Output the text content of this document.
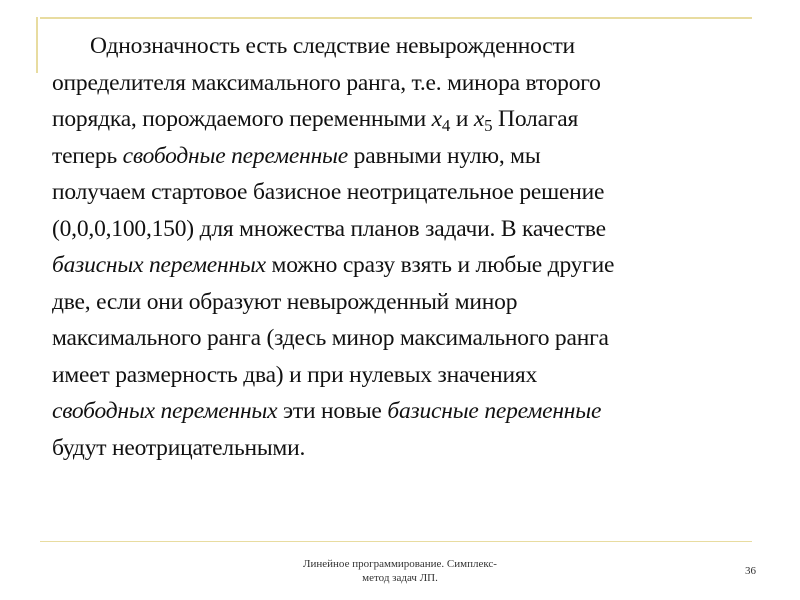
Однозначность есть следствие невырожденности
определителя максимального ранга, т.е. минора второго
порядка, порождаемого переменными $x_4$ и $x_5$ Полагая
теперь свободные переменные равными нулю, мы
получаем стартовое базисное неотрицательное решение
(0,0,0,100,150) для множества планов задачи. В качестве
базисных переменных можно сразу взять и любые другие
две, если они образуют невырожденный минор
максимального ранга (здесь минор максимального ранга
имеет размерность два) и при нулевых значениях
свободных переменных эти новые базисные переменные
будут неотрицательными.
Линейное программирование. Симплекс-
метод задач ЛП.
36
